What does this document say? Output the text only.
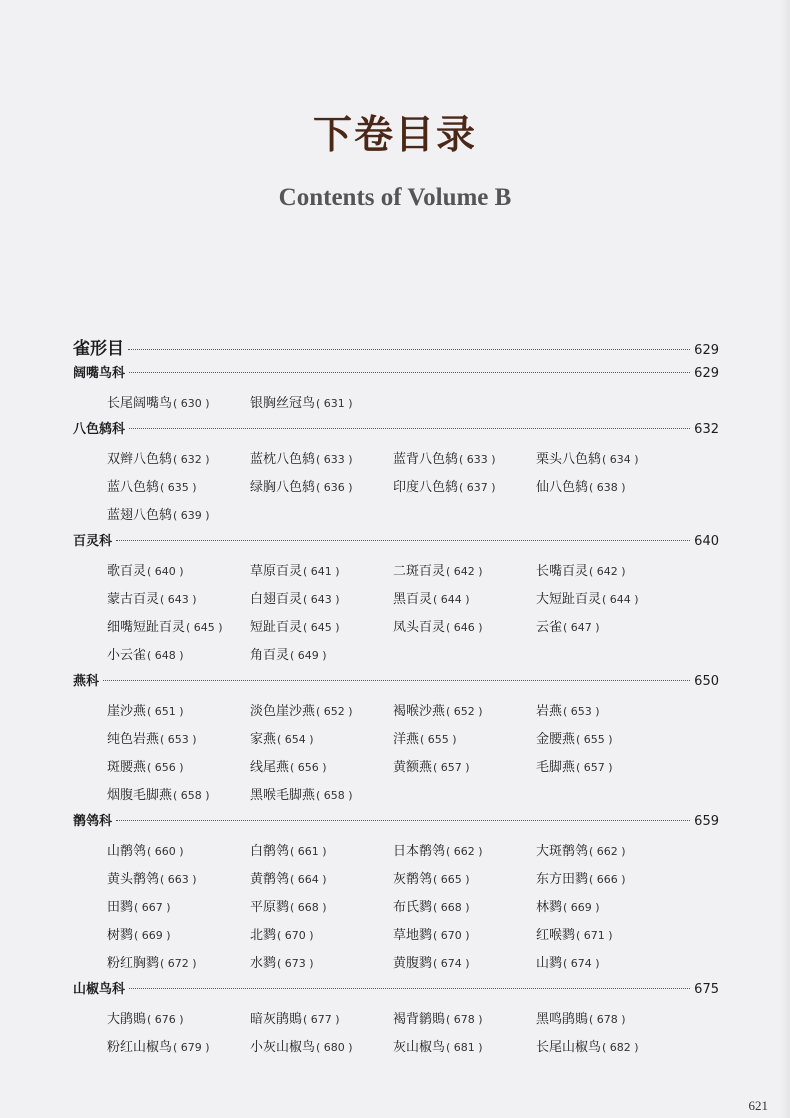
下卷目录
Contents of Volume B
雀形目	629
阔嘴鸟科	629
长尾阔嘴鸟( 630 )	银胸丝冠鸟( 631 )
八色鸫科	632
双辫八色鸫( 632 )	蓝枕八色鸫( 633 )	蓝背八色鸫( 633 )	栗头八色鸫( 634 )
蓝八色鸫( 635 )	绿胸八色鸫( 636 )	印度八色鸫( 637 )	仙八色鸫( 638 )
蓝翅八色鸫( 639 )
百灵科	640
歌百灵( 640 )	草原百灵( 641 )	二斑百灵( 642 )	长嘴百灵( 642 )
蒙古百灵( 643 )	白翅百灵( 643 )	黑百灵( 644 )	大短趾百灵( 644 )
细嘴短趾百灵( 645 )	短趾百灵( 645 )	凤头百灵( 646 )	云雀( 647 )
小云雀( 648 )	角百灵( 649 )
燕科	650
崖沙燕( 651 )	淡色崖沙燕( 652 )	褐喉沙燕( 652 )	岩燕( 653 )
纯色岩燕( 653 )	家燕( 654 )	洋燕( 655 )	金腰燕( 655 )
斑腰燕( 656 )	线尾燕( 656 )	黄额燕( 657 )	毛脚燕( 657 )
烟腹毛脚燕( 658 )	黑喉毛脚燕( 658 )
鹡鸰科	659
山鹡鸰( 660 )	白鹡鸰( 661 )	日本鹡鸰( 662 )	大斑鹡鸰( 662 )
黄头鹡鸰( 663 )	黄鹡鸰( 664 )	灰鹡鸰( 665 )	东方田鹨( 666 )
田鹨( 667 )	平原鹨( 668 )	布氏鹨( 668 )	林鹨( 669 )
树鹨( 669 )	北鹨( 670 )	草地鹨( 670 )	红喉鹨( 671 )
粉红胸鹨( 672 )	水鹨( 673 )	黄腹鹨( 674 )	山鹨( 674 )
山椒鸟科	675
大鹃鵙( 676 )	暗灰鹃鵙( 677 )	褐背鹟鵙( 678 )	黑鸣鹃鵙( 678 )
粉红山椒鸟( 679 )	小灰山椒鸟( 680 )	灰山椒鸟( 681 )	长尾山椒鸟( 682 )
621
